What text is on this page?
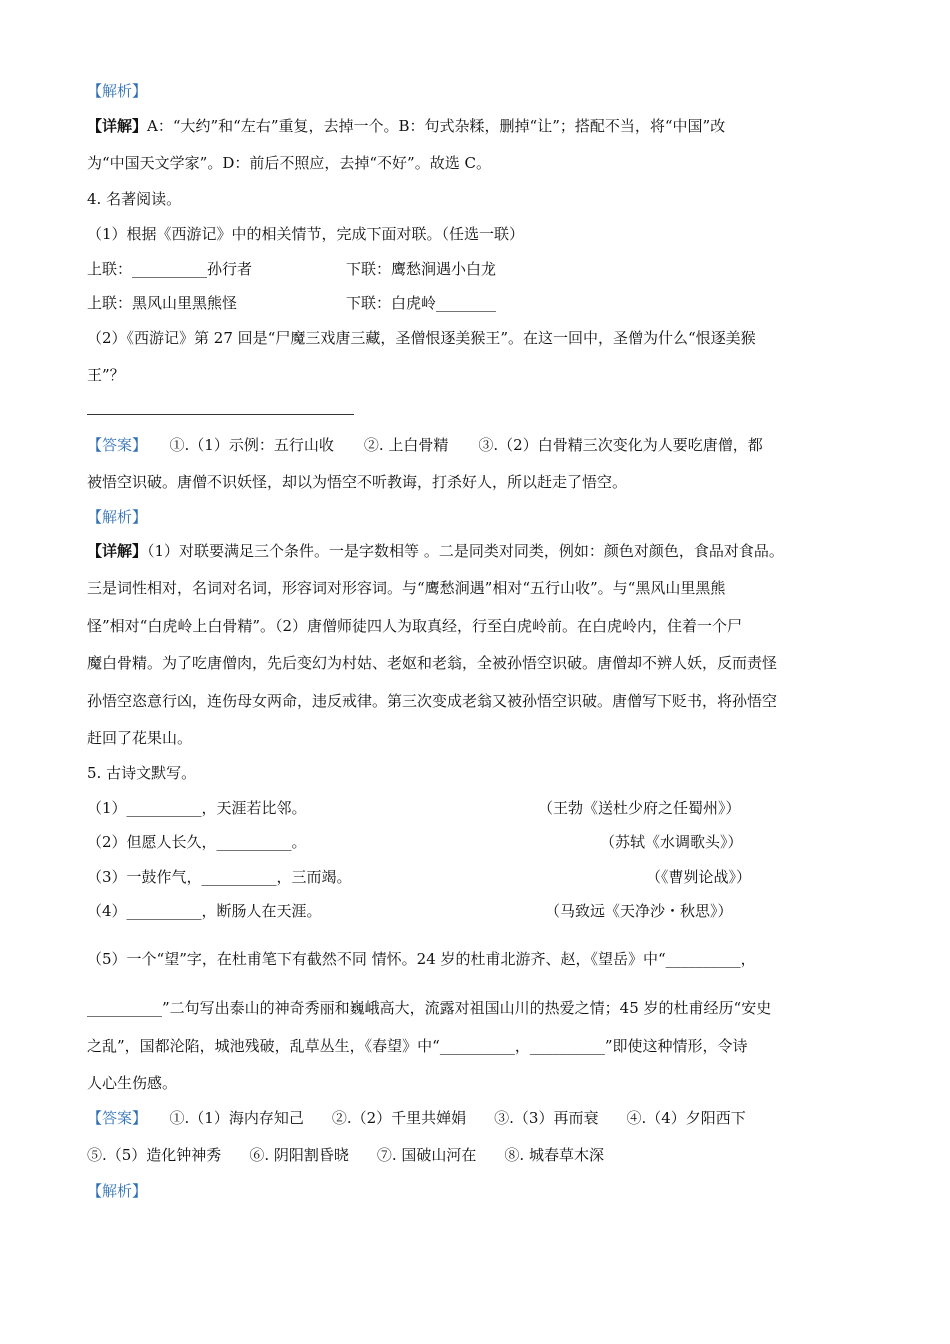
【解析】
【详解】A：“大约”和“左右”重复，去掉一个。B：句式杂糅，删掉“让”；搭配不当，将“中国”改
为“中国天文学家”。D：前后不照应，去掉“不好”。故选 C。
4. 名著阅读。
（1）根据《西游记》中的相关情节，完成下面对联。（任选一联）
上联：__________孙行者	下联：鹰愁涧遇小白龙
上联：黑风山里黑熊怪	下联：白虎岭________
（2）《西游记》第 27 回是“尸魔三戏唐三藏，圣僧恨逐美猴王”。在这一回中，圣僧为什么“恨逐美猴
王”？
【答案】　　 ①.（1）示例：五行山收　　②. 上白骨精　　③.（2）白骨精三次变化为人要吃唐僧，都
被悟空识破。唐僧不识妖怪，却以为悟空不听教诲，打杀好人，所以赶走了悟空。
【解析】
【详解】（1）对联要满足三个条件。一是字数相等 。二是同类对同类，例如：颜色对颜色，食品对食品。
三是词性相对，名词对名词，形容词对形容词。与“鹰愁涧遇”相对“五行山收”。与“黑风山里黑熊
怪”相对“白虎岭上白骨精”。（2）唐僧师徒四人为取真经，行至白虎岭前。在白虎岭内，住着一个尸
魔白骨精。为了吃唐僧肉，先后变幻为村姑、老妪和老翁，全被孙悟空识破。唐僧却不辨人妖，反而责怪
孙悟空恣意行凶，连伤母女两命，违反戒律。第三次变成老翁又被孙悟空识破。唐僧写下贬书，将孙悟空
赶回了花果山。
5. 古诗文默写。
（1）__________，天涯若比邻。	（王勃《送杜少府之任蜀州》）
（2）但愿人长久，__________。	（苏轼《水调歌头》）
（3）一鼓作气，__________，三而竭。	（《曹刿论战》）
（4）__________，断肠人在天涯。	（马致远《天净沙・秋思》）
（5）一个“望”字，在杜甫笔下有截然不同 情怀。24 岁的杜甫北游齐、赵，《望岳》中“__________，
__________”二句写出泰山的神奇秀丽和巍峨高大，流露对祖国山川的热爱之情；45 岁的杜甫经历“安史
之乱”，国都沦陷，城池残破，乱草丛生，《春望》中“__________，__________”即使这种情形，令诗
人心生伤感。
【答案】　　 ①.（1）海内存知己 ②.（2）千里共婵娟 ③.（3）再而衰 ④.（4）夕阳西下
⑤.（5）造化钟神秀 ⑥. 阴阳割昏晓 ⑦. 国破山河在 ⑧. 城春草木深
【解析】
